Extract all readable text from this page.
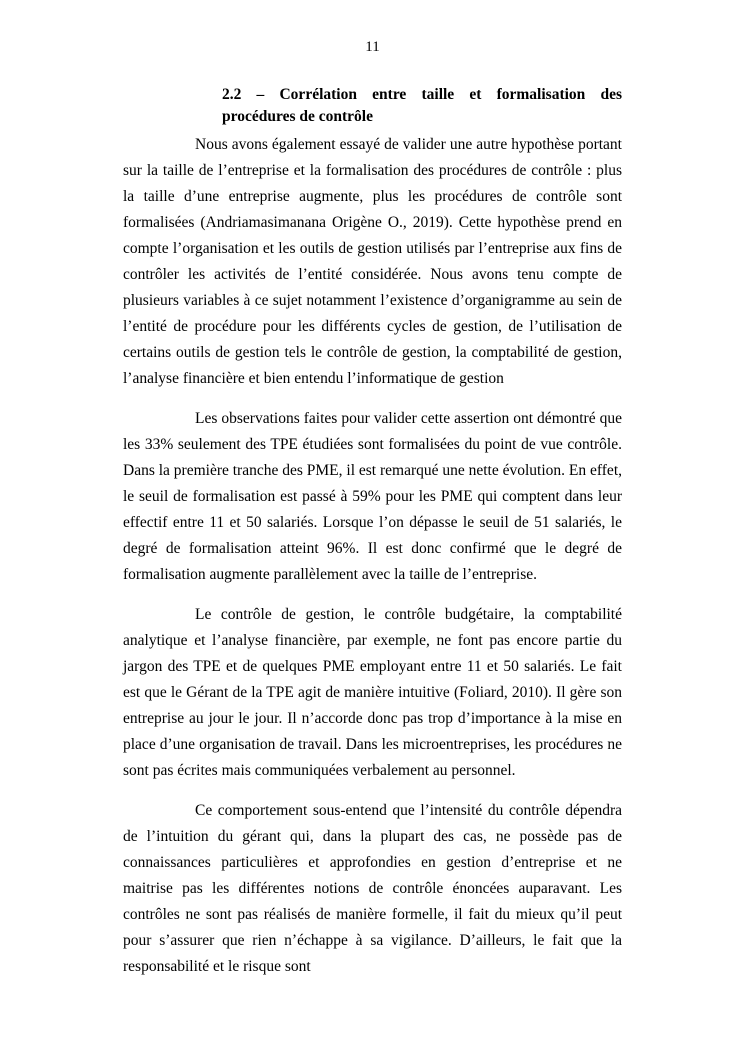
11
2.2 – Corrélation entre taille et formalisation des
procédures de contrôle

Nous avons également essayé de valider une autre hypothèse portant sur la taille de l’entreprise et la formalisation des procédures de contrôle : plus la taille d’une entreprise augmente, plus les procédures de contrôle sont formalisées (Andriamasimanana Origène O., 2019). Cette hypothèse prend en compte l’organisation et les outils de gestion utilisés par l’entreprise aux fins de contrôler les activités de l’entité considérée. Nous avons tenu compte de plusieurs variables à ce sujet notamment l’existence d’organigramme au sein de l’entité de procédure pour les différents cycles de gestion, de l’utilisation de certains outils de gestion tels le contrôle de gestion, la comptabilité de gestion, l’analyse financière et bien entendu l’informatique de gestion

Les observations faites pour valider cette assertion ont démontré que les 33% seulement des TPE étudiées sont formalisées du point de vue contrôle. Dans la première tranche des PME, il est remarqué une nette évolution. En effet, le seuil de formalisation est passé à 59% pour les PME qui comptent dans leur effectif entre 11 et 50 salariés. Lorsque l’on dépasse le seuil de 51 salariés, le degré de formalisation atteint 96%. Il est donc confirmé que le degré de formalisation augmente parallèlement avec la taille de l’entreprise.

Le contrôle de gestion, le contrôle budgétaire, la comptabilité analytique et l’analyse financière, par exemple, ne font pas encore partie du jargon des TPE et de quelques PME employant entre 11 et 50 salariés. Le fait est que le Gérant de la TPE agit de manière intuitive (Foliard, 2010). Il gère son entreprise au jour le jour. Il n’accorde donc pas trop d’importance à la mise en place d’une organisation de travail. Dans les microentreprises, les procédures ne sont pas écrites mais communiquées verbalement au personnel.

Ce comportement sous-entend que l’intensité du contrôle dépendra de l’intuition du gérant qui, dans la plupart des cas, ne possède pas de connaissances particulières et approfondies en gestion d’entreprise et ne maitrise pas les différentes notions de contrôle énoncées auparavant. Les contrôles ne sont pas réalisés de manière formelle, il fait du mieux qu’il peut pour s’assurer que rien n’échappe à sa vigilance. D’ailleurs, le fait que la responsabilité et le risque sont
